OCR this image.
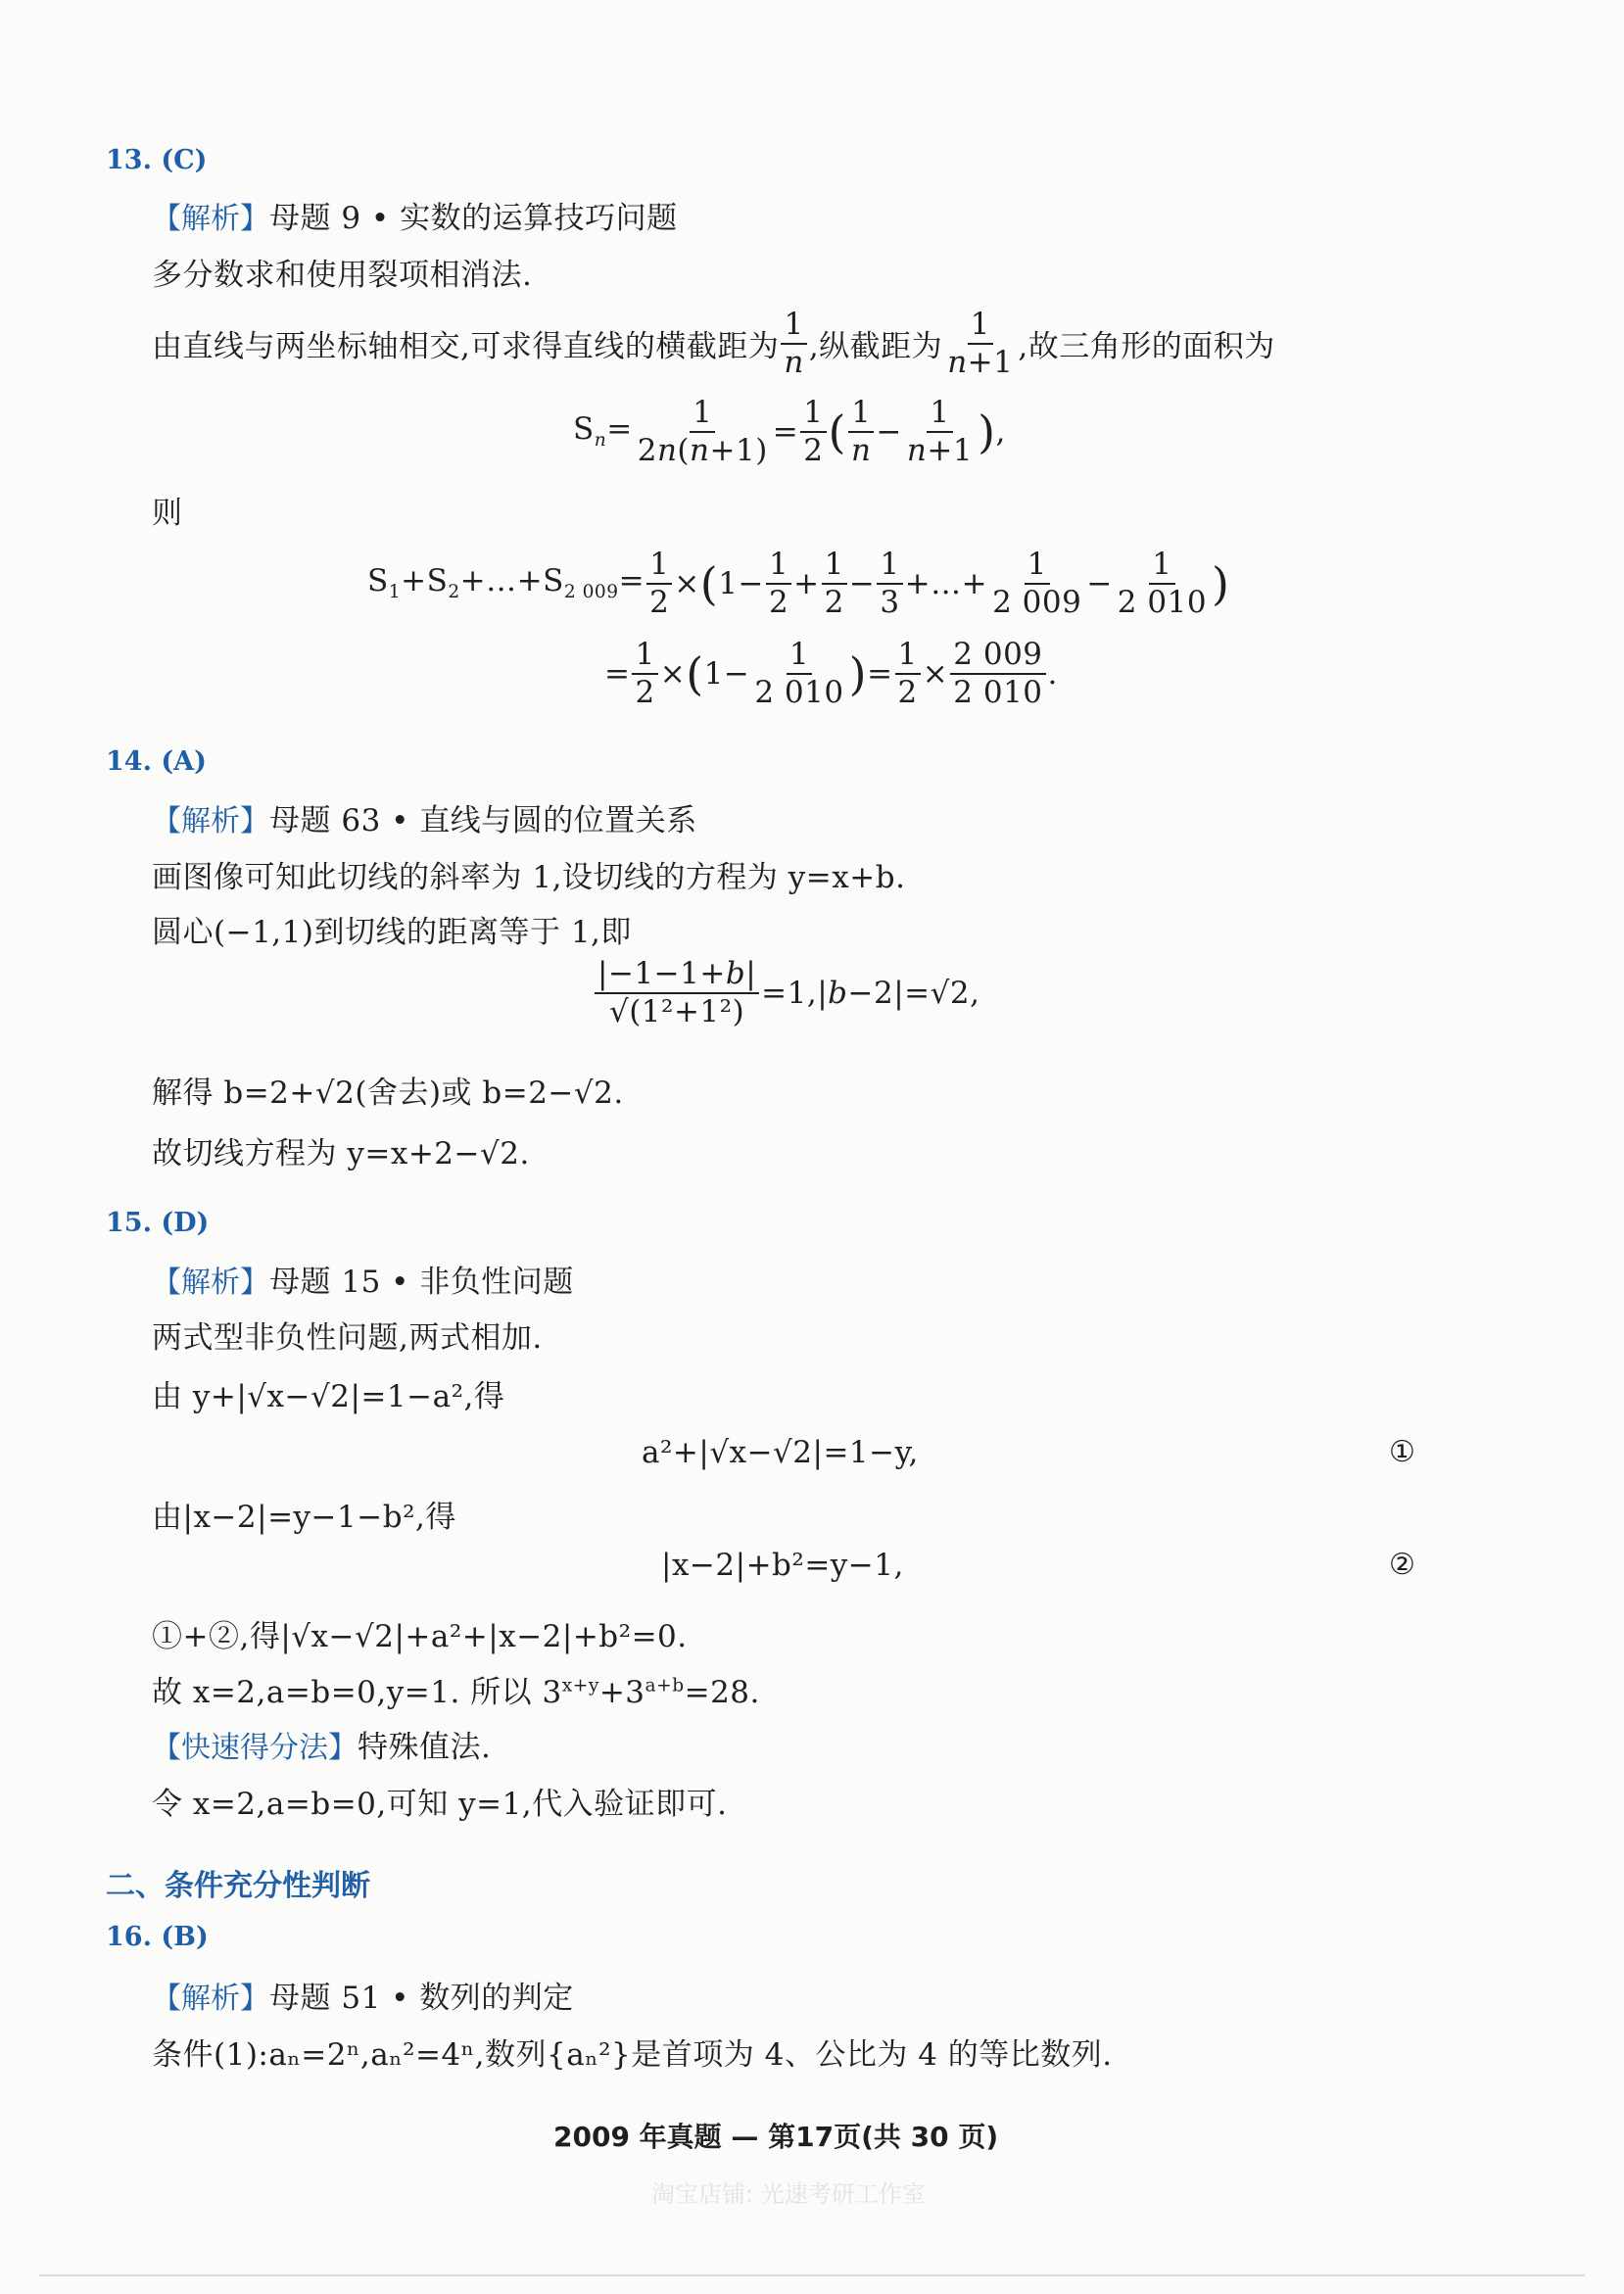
13. (C)
【解析】母题 9 • 实数的运算技巧问题
多分数求和使用裂项相消法.
由直线与两坐标轴相交,可求得直线的横截距为 $\frac{1}{n}$ ,纵截距为 $\frac{1}{n+1}$ ,故三角形的面积为
$S_n= \frac{1}{2n(n+1)} = \frac{1}{2}$ ( $\frac{1}{n} - \frac{1}{n+1}$ ) ,
则
$S_1+S_2+\dots+S_{2 009}= \frac{1}{2}$ × ( $1- \frac{1}{2} + \frac{1}{2} - \frac{1}{3}$ +…+ $\frac{1}{2 009} - \frac{1}{2 010}$ )
= $\frac{1}{2}$ × ( $1- \frac{1}{2 010}$ ) = $\frac{1}{2} \times \frac{2 009}{2 010}$ .
14. (A)
【解析】母题 63 • 直线与圆的位置关系
画图像可知此切线的斜率为 1,设切线的方程为 y=x+b.
圆心(−1,1)到切线的距离等于 1,即
$\frac{|-1-1+b|}{\text{√(1²+1²)}} =1,|b-2|=√2$,
解得 b=2+√2(舍去)或 b=2−√2.
故切线方程为 y=x+2−√2.
15. (D)
【解析】母题 15 • 非负性问题
两式型非负性问题,两式相加.
由 y+|√x−√2|=1−a²,得
a²+|√x−√2|=1−y,	①
由|x−2|=y−1−b²,得
|x−2|+b²=y−1,	②
①+②,得|√x−√2|+a²+|x−2|+b²=0.
故 x=2,a=b=0,y=1. 所以 $3^{x+y}+3^{a+b}=28$.
【快速得分法】特殊值法.
令 x=2,a=b=0,可知 y=1,代入验证即可.
二、条件充分性判断
16. (B)
【解析】母题 51 • 数列的判定
条件(1):aₙ=2ⁿ,aₙ²=4ⁿ,数列{aₙ²}是首项为 4、公比为 4 的等比数列.
2009 年真题 — 第17页(共 30 页)
淘宝店铺: 光速考研工作室
